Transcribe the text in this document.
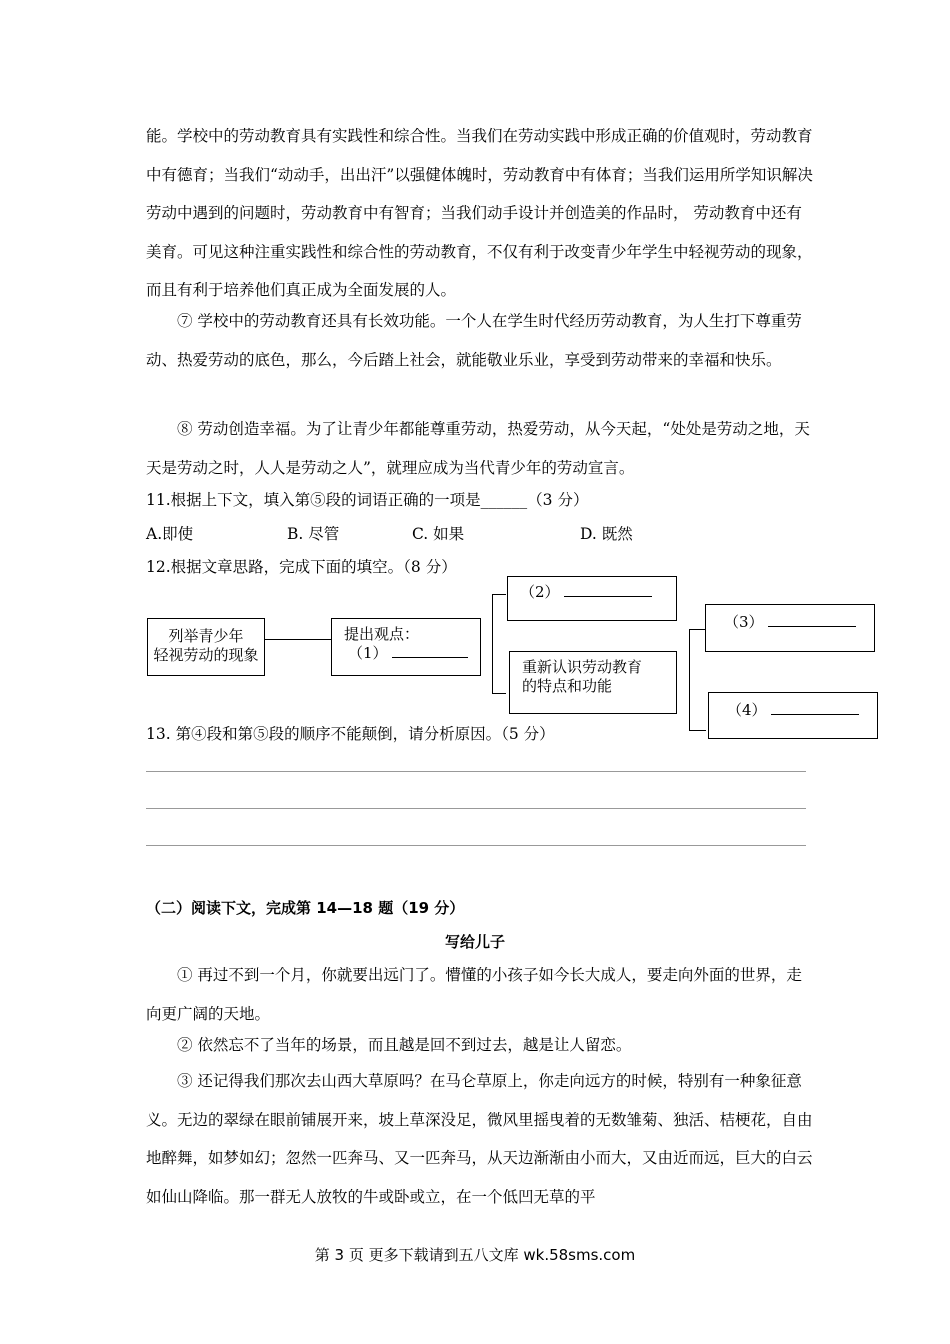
能。学校中的劳动教育具有实践性和综合性。当我们在劳动实践中形成正确的价值观时，劳动教育中有德育；当我们“动动手，出出汗”以强健体魄时，劳动教育中有体育；当我们运用所学知识解决劳动中遇到的问题时，劳动教育中有智育；当我们动手设计并创造美的作品时， 劳动教育中还有美育。可见这种注重实践性和综合性的劳动教育，不仅有利于改变青少年学生中轻视劳动的现象，而且有利于培养他们真正成为全面发展的人。

⑦ 学校中的劳动教育还具有长效功能。一个人在学生时代经历劳动教育，为人生打下尊重劳动、热爱劳动的底色，那么，今后踏上社会，就能敬业乐业，享受到劳动带来的幸福和快乐。

⑧ 劳动创造幸福。为了让青少年都能尊重劳动，热爱劳动，从今天起，“处处是劳动之地，天天是劳动之时，人人是劳动之人”，就理应成为当代青少年的劳动宣言。

11.根据上下文，填入第⑤段的词语正确的一项是______（3 分）
A.即使	B. 尽管	C. 如果	D. 既然
12.根据文章思路，完成下面的填空。（8 分）
列举青少年
轻视劳动的现象
提出观点：
（1）
（2）
重新认识劳动教育
的特点和功能
（3）
（4）
13. 第④段和第⑤段的顺序不能颠倒，请分析原因。（5 分）
（二）阅读下文，完成第 14—18 题（19 分）
写给儿子

① 再过不到一个月，你就要出远门了。懵懂的小孩子如今长大成人，要走向外面的世界，走向更广阔的天地。

② 依然忘不了当年的场景，而且越是回不到过去，越是让人留恋。

③ 还记得我们那次去山西大草原吗？在马仑草原上，你走向远方的时候，特别有一种象征意义。无边的翠绿在眼前铺展开来，坡上草深没足，微风里摇曳着的无数雏菊、独活、桔梗花，自由地醉舞，如梦如幻；忽然一匹奔马、又一匹奔马，从天边渐渐由小而大，又由近而远，巨大的白云如仙山降临。那一群无人放牧的牛或卧或立，在一个低凹无草的平

第 3 页 更多下载请到五八文库 wk.58sms.com
